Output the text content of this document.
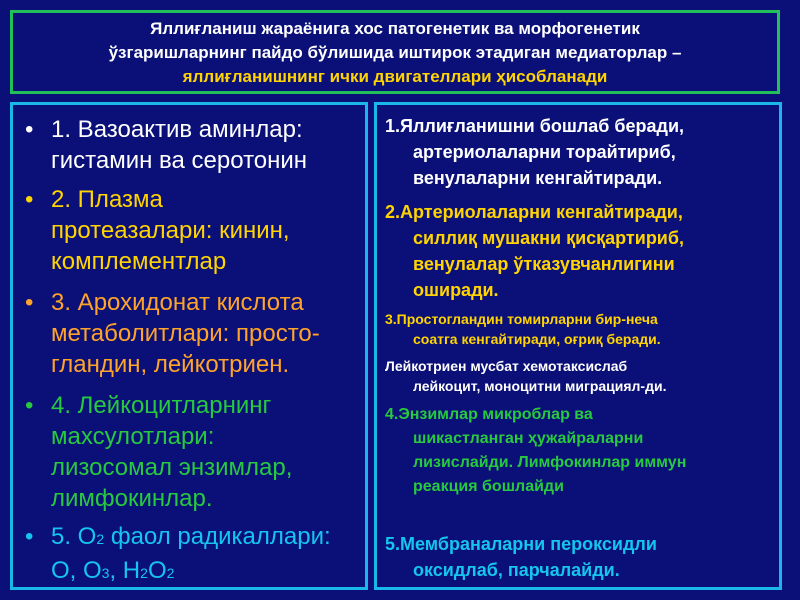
Яллиғланиш жараёнига хос патогенетик ва морфогенетик
ўзгаришларнинг пайдо бўлишида иштирок этадиган медиаторлар –
яллиғланишнинг ички двигателлари ҳисобланади
• 1. Вазоактив аминлар:
гистамин ва серотонин
• 2. Плазма
протеазалари: кинин,
комплементлар
• 3. Арохидонат кислота
метаболитлари: просто-
гландин, лейкотриен.
• 4. Лейкоцитларнинг
махсулотлари:
лизосомал энзимлар,
лимфокинлар.
• 5. O2 фаол радикаллари:
O, O3, H2O2
1.Яллиғланишни бошлаб беради,
артериолаларни торайтириб,
венулаларни кенгайтиради.
2.Артериолаларни кенгайтиради,
силлиқ мушакни қисқартириб,
венулалар ўтказувчанлигини
оширади.
3.Простогландин томирларни бир-неча
соатга кенгайтиради, оғриқ беради.
Лейкотриен мусбат хемотаксислаб
лейкоцит, моноцитни миграциял-ди.
4.Энзимлар микроблар ва
шикастланган ҳужайраларни
лизислайди. Лимфокинлар иммун
реакция бошлайди
5.Мембраналарни пероксидли
оксидлаб, парчалайди.
